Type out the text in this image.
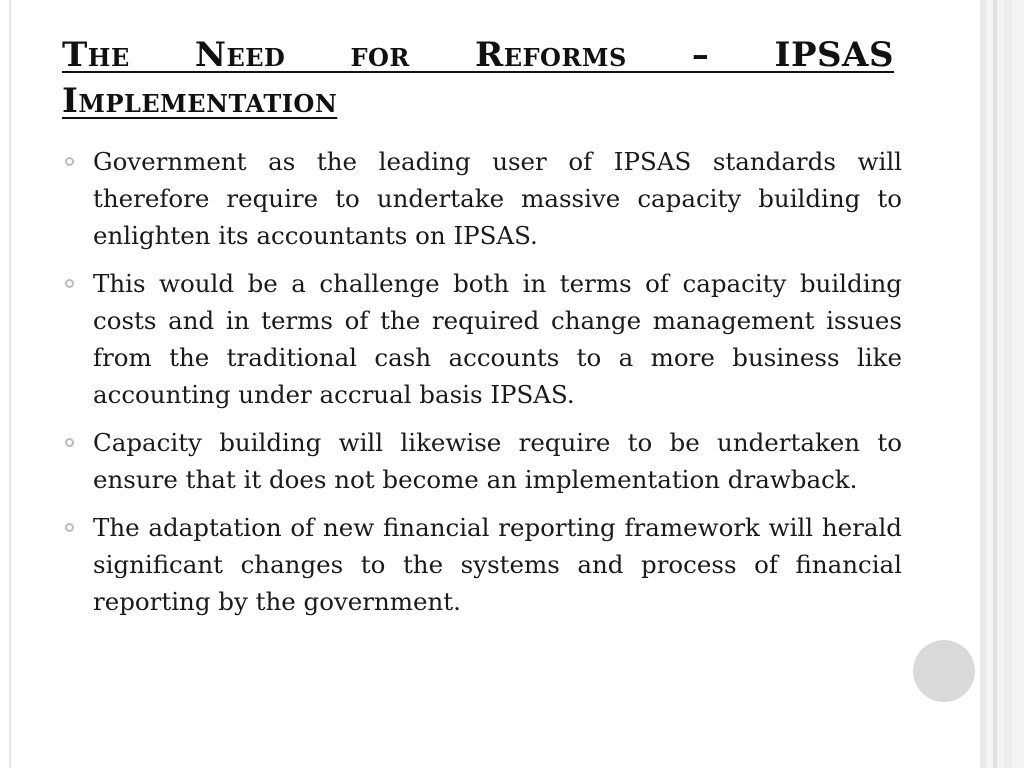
The Need for Reforms – IPSAS Implementation
Government as the leading user of IPSAS standards will therefore require to undertake massive capacity building to enlighten its accountants on IPSAS.
This would be a challenge both in terms of capacity building costs and in terms of the required change management issues from the traditional cash accounts to a more business like accounting under accrual basis IPSAS.
Capacity building will likewise require to be undertaken to ensure that it does not become an implementation drawback.
The adaptation of new financial reporting framework will herald significant changes to the systems and process of financial reporting by the government.
